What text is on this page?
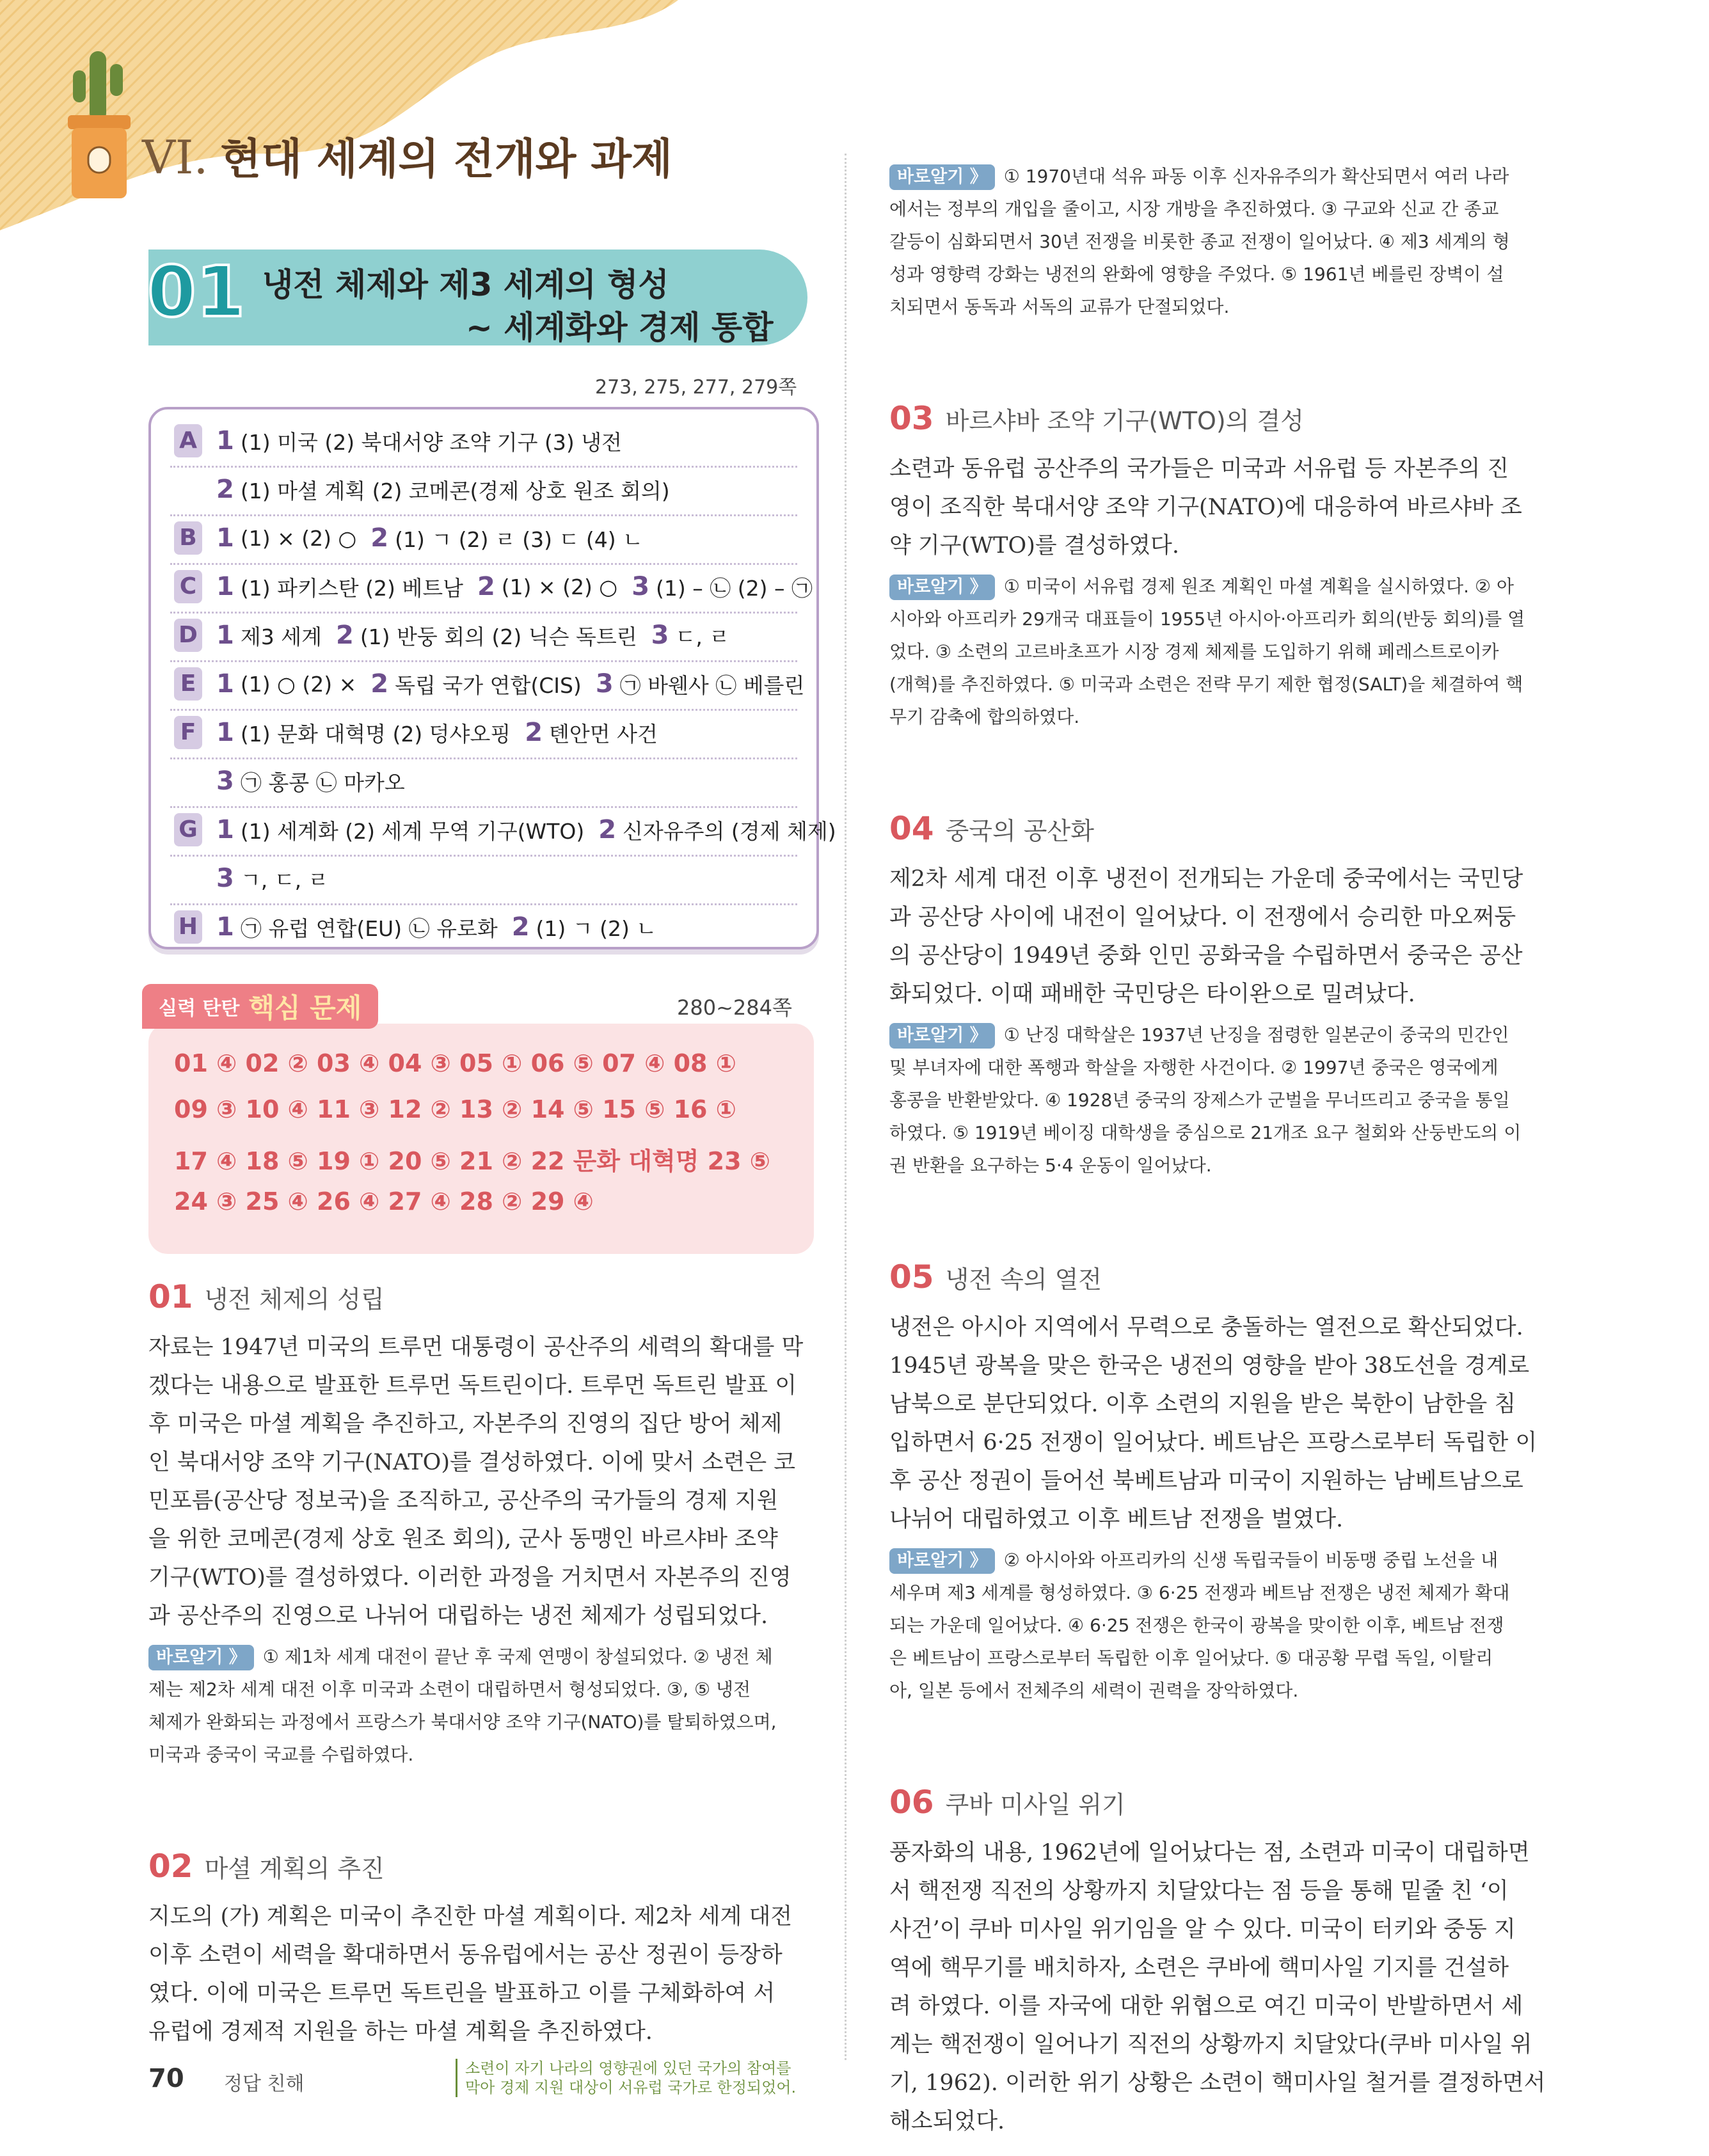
VI. 현대 세계의 전개와 과제
01 냉전 체제와 제3 세계의 형성
~ 세계화와 경제 통합
273, 275, 277, 279쪽
A 1 (1) 미국 (2) 북대서양 조약 기구 (3) 냉전
2 (1) 마셜 계획 (2) 코메콘(경제 상호 원조 회의)
B 1 (1) × (2) ○ 2 (1) ㄱ (2) ㄹ (3) ㄷ (4) ㄴ
C 1 (1) 파키스탄 (2) 베트남 2 (1) × (2) ○ 3 (1) – ㉡ (2) – ㉠
D 1 제3 세계 2 (1) 반둥 회의 (2) 닉슨 독트린 3 ㄷ, ㄹ
E 1 (1) ○ (2) × 2 독립 국가 연합(CIS) 3 ㉠ 바웬사 ㉡ 베를린
F 1 (1) 문화 대혁명 (2) 덩샤오핑 2 톈안먼 사건
3 ㉠ 홍콩 ㉡ 마카오
G 1 (1) 세계화 (2) 세계 무역 기구(WTO) 2 신자유주의 (경제 체제)
3 ㄱ, ㄷ, ㄹ
H 1 ㉠ 유럽 연합(EU) ㉡ 유로화 2 (1) ㄱ (2) ㄴ
01 ④ 02 ② 03 ④ 04 ③ 05 ① 06 ⑤ 07 ④ 08 ①
09 ③ 10 ④ 11 ③ 12 ② 13 ② 14 ⑤ 15 ⑤ 16 ①
17 ④ 18 ⑤ 19 ① 20 ⑤ 21 ② 22 문화 대혁명 23 ⑤
24 ③ 25 ④ 26 ④ 27 ④ 28 ② 29 ④
실력 탄탄 핵심 문제	280~284쪽
01 냉전 체제의 성립
자료는 1947년 미국의 트루먼 대통령이 공산주의 세력의 확대를 막
겠다는 내용으로 발표한 트루먼 독트린이다. 트루먼 독트린 발표 이
후 미국은 마셜 계획을 추진하고, 자본주의 진영의 집단 방어 체제
인 북대서양 조약 기구(NATO)를 결성하였다. 이에 맞서 소련은 코
민포름(공산당 정보국)을 조직하고, 공산주의 국가들의 경제 지원
을 위한 코메콘(경제 상호 원조 회의), 군사 동맹인 바르샤바 조약
기구(WTO)를 결성하였다. 이러한 과정을 거치면서 자본주의 진영
과 공산주의 진영으로 나뉘어 대립하는 냉전 체제가 성립되었다.
바로알기 》 ① 제1차 세계 대전이 끝난 후 국제 연맹이 창설되었다. ② 냉전 체
제는 제2차 세계 대전 이후 미국과 소련이 대립하면서 형성되었다. ③, ⑤ 냉전
체제가 완화되는 과정에서 프랑스가 북대서양 조약 기구(NATO)를 탈퇴하였으며,
미국과 중국이 국교를 수립하였다.
02 마셜 계획의 추진
지도의 (가) 계획은 미국이 추진한 마셜 계획이다. 제2차 세계 대전
이후 소련이 세력을 확대하면서 동유럽에서는 공산 정권이 등장하
였다. 이에 미국은 트루먼 독트린을 발표하고 이를 구체화하여 서
유럽에 경제적 지원을 하는 마셜 계획을 추진하였다.
소련이 자기 나라의 영향권에 있던 국가의 참여를
막아 경제 지원 대상이 서유럽 국가로 한정되었어.
바로알기 》 ① 1970년대 석유 파동 이후 신자유주의가 확산되면서 여러 나라
에서는 정부의 개입을 줄이고, 시장 개방을 추진하였다. ③ 구교와 신교 간 종교
갈등이 심화되면서 30년 전쟁을 비롯한 종교 전쟁이 일어났다. ④ 제3 세계의 형
성과 영향력 강화는 냉전의 완화에 영향을 주었다. ⑤ 1961년 베를린 장벽이 설
치되면서 동독과 서독의 교류가 단절되었다.
03 바르샤바 조약 기구(WTO)의 결성
소련과 동유럽 공산주의 국가들은 미국과 서유럽 등 자본주의 진
영이 조직한 북대서양 조약 기구(NATO)에 대응하여 바르샤바 조
약 기구(WTO)를 결성하였다.
바로알기 》 ① 미국이 서유럽 경제 원조 계획인 마셜 계획을 실시하였다. ② 아
시아와 아프리카 29개국 대표들이 1955년 아시아·아프리카 회의(반둥 회의)를 열
었다. ③ 소련의 고르바초프가 시장 경제 체제를 도입하기 위해 페레스트로이카
(개혁)를 추진하였다. ⑤ 미국과 소련은 전략 무기 제한 협정(SALT)을 체결하여 핵
무기 감축에 합의하였다.
04 중국의 공산화
제2차 세계 대전 이후 냉전이 전개되는 가운데 중국에서는 국민당
과 공산당 사이에 내전이 일어났다. 이 전쟁에서 승리한 마오쩌둥
의 공산당이 1949년 중화 인민 공화국을 수립하면서 중국은 공산
화되었다. 이때 패배한 국민당은 타이완으로 밀려났다.
바로알기 》 ① 난징 대학살은 1937년 난징을 점령한 일본군이 중국의 민간인
및 부녀자에 대한 폭행과 학살을 자행한 사건이다. ② 1997년 중국은 영국에게
홍콩을 반환받았다. ④ 1928년 중국의 장제스가 군벌을 무너뜨리고 중국을 통일
하였다. ⑤ 1919년 베이징 대학생을 중심으로 21개조 요구 철회와 산둥반도의 이
권 반환을 요구하는 5·4 운동이 일어났다.
05 냉전 속의 열전
냉전은 아시아 지역에서 무력으로 충돌하는 열전으로 확산되었다.
1945년 광복을 맞은 한국은 냉전의 영향을 받아 38도선을 경계로
남북으로 분단되었다. 이후 소련의 지원을 받은 북한이 남한을 침
입하면서 6·25 전쟁이 일어났다. 베트남은 프랑스로부터 독립한 이
후 공산 정권이 들어선 북베트남과 미국이 지원하는 남베트남으로
나뉘어 대립하였고 이후 베트남 전쟁을 벌였다.
바로알기 》 ② 아시아와 아프리카의 신생 독립국들이 비동맹 중립 노선을 내
세우며 제3 세계를 형성하였다. ③ 6·25 전쟁과 베트남 전쟁은 냉전 체제가 확대
되는 가운데 일어났다. ④ 6·25 전쟁은 한국이 광복을 맞이한 이후, 베트남 전쟁
은 베트남이 프랑스로부터 독립한 이후 일어났다. ⑤ 대공황 무렵 독일, 이탈리
아, 일본 등에서 전체주의 세력이 권력을 장악하였다.
06 쿠바 미사일 위기
풍자화의 내용, 1962년에 일어났다는 점, 소련과 미국이 대립하면
서 핵전쟁 직전의 상황까지 치달았다는 점 등을 통해 밑줄 친 ‘이
사건’이 쿠바 미사일 위기임을 알 수 있다. 미국이 터키와 중동 지
역에 핵무기를 배치하자, 소련은 쿠바에 핵미사일 기지를 건설하
려 하였다. 이를 자국에 대한 위협으로 여긴 미국이 반발하면서 세
계는 핵전쟁이 일어나기 직전의 상황까지 치달았다(쿠바 미사일 위
기, 1962). 이러한 위기 상황은 소련이 핵미사일 철거를 결정하면서
해소되었다.
70 정답 친해
